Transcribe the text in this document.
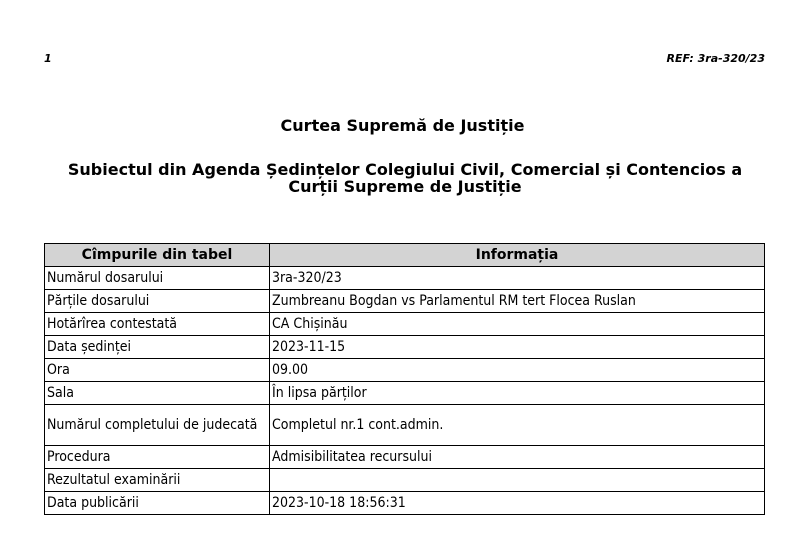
1	REF: 3ra-320/23
Curtea Supremă de Justiție
Subiectul din Agenda Ședințelor Colegiului Civil, Comercial și Contencios a Curții Supreme de Justiție
Cîmpurile din tabel	Informația
Numărul dosarului	3ra-320/23
Părțile dosarului	Zumbreanu Bogdan vs Parlamentul RM tert Flocea Ruslan
Hotărîrea contestată	CA Chișinău
Data ședinței	2023-11-15
Ora	09.00
Sala	În lipsa părților
Numărul completului de judecată	Completul nr.1 cont.admin.
Procedura	Admisibilitatea recursului
Rezultatul examinării	
Data publicării	2023-10-18 18:56:31
